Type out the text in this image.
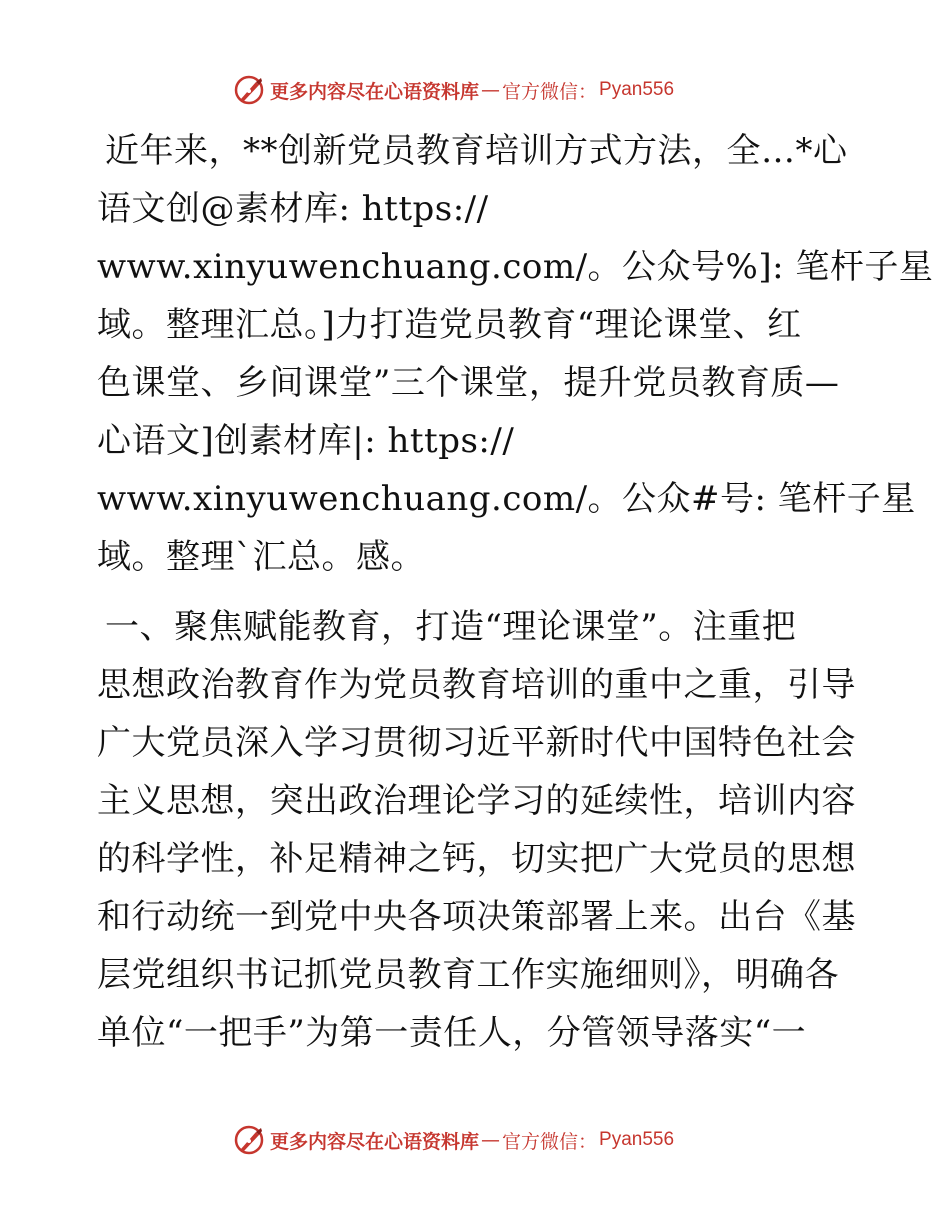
更多内容尽在心语资料库 — 官方微信： Pyan556
近年来，**创新党员教育培训方式方法，全…*心
语文创@素材库: https://
www.xinyuwenchuang.com/。公众号%]: 笔杆子星
域。整理汇总。]力打造党员教育“理论课堂、红
色课堂、乡间课堂”三个课堂，提升党员教育质—
心语文]创素材库|: https://
www.xinyuwenchuang.com/。公众#号: 笔杆子星
域。整理`汇总。感。
一、聚焦赋能教育，打造“理论课堂”。注重把
思想政治教育作为党员教育培训的重中之重，引导
广大党员深入学习贯彻习近平新时代中国特色社会
主义思想，突出政治理论学习的延续性，培训内容
的科学性，补足精神之钙，切实把广大党员的思想
和行动统一到党中央各项决策部署上来。出台《基
层党组织书记抓党员教育工作实施细则》，明确各
单位“一把手”为第一责任人，分管领导落实“一
更多内容尽在心语资料库 — 官方微信： Pyan556
